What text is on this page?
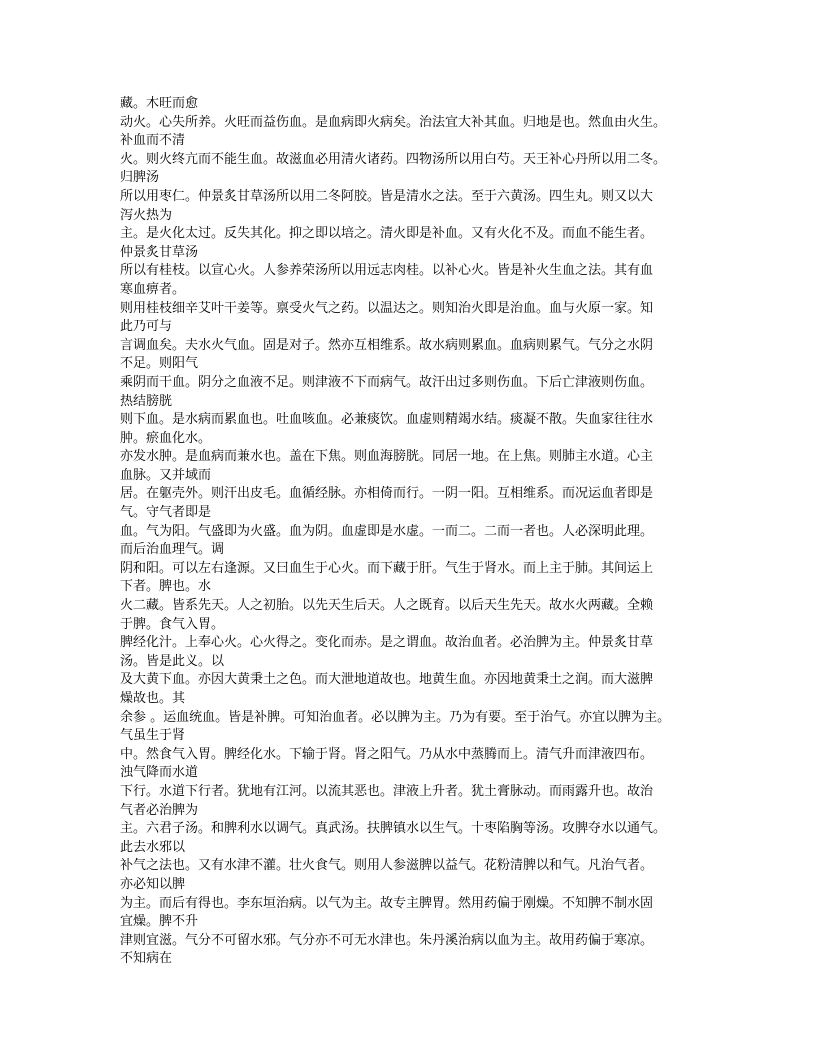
藏。木旺而愈

动火。心失所养。火旺而益伤血。是血病即火病矣。治法宜大补其血。归地是也。然血由火生。

补血而不清

火。则火终亢而不能生血。故滋血必用清火诸药。四物汤所以用白芍。天王补心丹所以用二冬。

归脾汤

所以用枣仁。仲景炙甘草汤所以用二冬阿胶。皆是清水之法。至于六黄汤。四生丸。则又以大

泻火热为

主。是火化太过。反失其化。抑之即以培之。清火即是补血。又有火化不及。而血不能生者。

仲景炙甘草汤

所以有桂枝。以宣心火。人参养荣汤所以用远志肉桂。以补心火。皆是补火生血之法。其有血

寒血痹者。

则用桂枝细辛艾叶干姜等。禀受火气之药。以温达之。则知治火即是治血。血与火原一家。知

此乃可与

言调血矣。夫水火气血。固是对子。然亦互相维系。故水病则累血。血病则累气。气分之水阴

不足。则阳气

乘阴而干血。阴分之血液不足。则津液不下而病气。故汗出过多则伤血。下后亡津液则伤血。

热结膀胱

则下血。是水病而累血也。吐血咳血。必兼痰饮。血虚则精竭水结。痰凝不散。失血家往往水

肿。瘀血化水。

亦发水肿。是血病而兼水也。盖在下焦。则血海膀胱。同居一地。在上焦。则肺主水道。心主

血脉。又并域而

居。在躯壳外。则汗出皮毛。血循经脉。亦相倚而行。一阴一阳。互相维系。而况运血者即是

气。守气者即是

血。气为阳。气盛即为火盛。血为阴。血虚即是水虚。一而二。二而一者也。人必深明此理。

而后治血理气。调

阴和阳。可以左右逢源。又曰血生于心火。而下藏于肝。气生于肾水。而上主于肺。其间运上

下者。脾也。水

火二藏。皆系先天。人之初胎。以先天生后天。人之既育。以后天生先天。故水火两藏。全赖

于脾。食气入胃。

脾经化汁。上奉心火。心火得之。变化而赤。是之谓血。故治血者。必治脾为主。仲景炙甘草

汤。皆是此义。以

及大黄下血。亦因大黄秉土之色。而大泄地道故也。地黄生血。亦因地黄秉土之润。而大滋脾

燥故也。其

余参 。运血统血。皆是补脾。可知治血者。必以脾为主。乃为有要。至于治气。亦宜以脾为主。

气虽生于肾

中。然食气入胃。脾经化水。下输于肾。肾之阳气。乃从水中蒸腾而上。清气升而津液四布。

浊气降而水道

下行。水道下行者。犹地有江河。以流其恶也。津液上升者。犹土膏脉动。而雨露升也。故治

气者必治脾为

主。六君子汤。和脾利水以调气。真武汤。扶脾镇水以生气。十枣陷胸等汤。攻脾夺水以通气。

此去水邪以

补气之法也。又有水津不灌。壮火食气。则用人参滋脾以益气。花粉清脾以和气。凡治气者。

亦必知以脾

为主。而后有得也。李东垣治病。以气为主。故专主脾胃。然用药偏于刚燥。不知脾不制水固

宜燥。脾不升

津则宜滋。气分不可留水邪。气分亦不可无水津也。朱丹溪治病以血为主。故用药偏于寒凉。

不知病在
